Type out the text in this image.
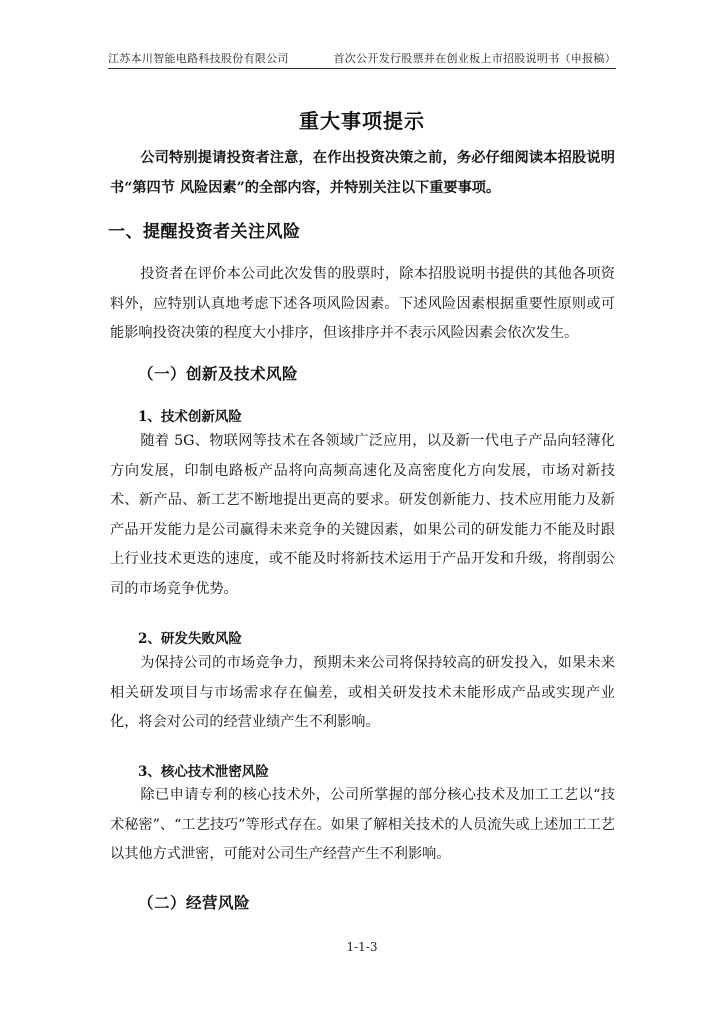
江苏本川智能电路科技股份有限公司	首次公开发行股票并在创业板上市招股说明书（申报稿）
重大事项提示
公司特别提请投资者注意，在作出投资决策之前，务必仔细阅读本招股说明书“第四节 风险因素”的全部内容，并特别关注以下重要事项。
一、提醒投资者关注风险
投资者在评价本公司此次发售的股票时，除本招股说明书提供的其他各项资料外，应特别认真地考虑下述各项风险因素。下述风险因素根据重要性原则或可能影响投资决策的程度大小排序，但该排序并不表示风险因素会依次发生。
（一）创新及技术风险
1、技术创新风险
随着 5G、物联网等技术在各领域广泛应用，以及新一代电子产品向轻薄化方向发展，印制电路板产品将向高频高速化及高密度化方向发展，市场对新技术、新产品、新工艺不断地提出更高的要求。研发创新能力、技术应用能力及新产品开发能力是公司赢得未来竞争的关键因素，如果公司的研发能力不能及时跟上行业技术更迭的速度，或不能及时将新技术运用于产品开发和升级，将削弱公司的市场竞争优势。
2、研发失败风险
为保持公司的市场竞争力，预期未来公司将保持较高的研发投入，如果未来相关研发项目与市场需求存在偏差，或相关研发技术未能形成产品或实现产业化，将会对公司的经营业绩产生不利影响。
3、核心技术泄密风险
除已申请专利的核心技术外，公司所掌握的部分核心技术及加工工艺以“技术秘密”、“工艺技巧”等形式存在。如果了解相关技术的人员流失或上述加工工艺以其他方式泄密，可能对公司生产经营产生不利影响。
（二）经营风险
1-1-3
